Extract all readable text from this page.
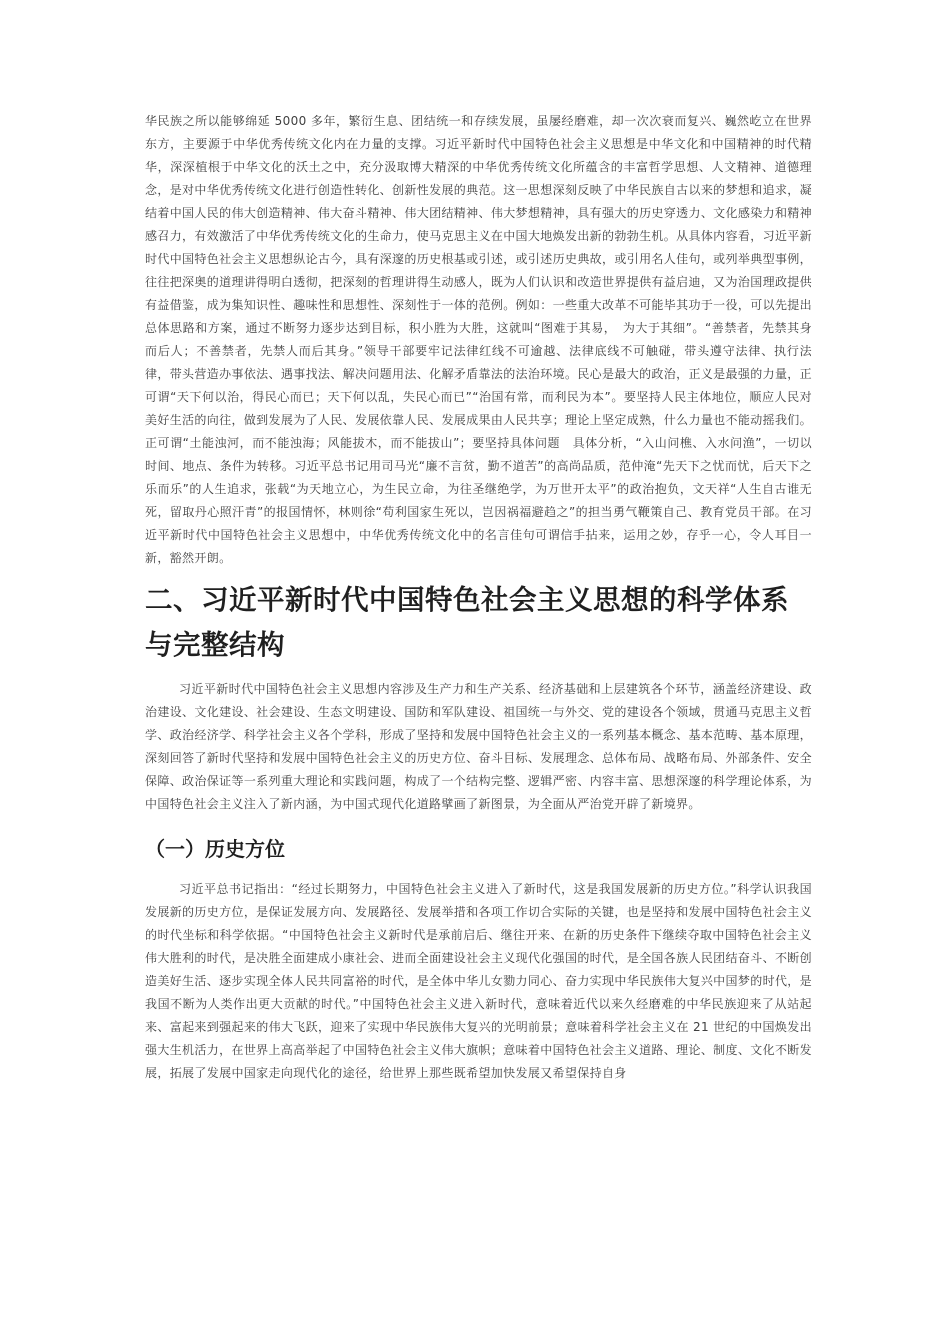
华民族之所以能够绵延 5000 多年，繁衍生息、团结统一和存续发展，虽屡经磨难，却一次次衰而复兴、巍然屹立在世界东方，主要源于中华优秀传统文化内在力量的支撑。习近平新时代中国特色社会主义思想是中华文化和中国精神的时代精华，深深植根于中华文化的沃土之中，充分汲取博大精深的中华优秀传统文化所蕴含的丰富哲学思想、人文精神、道德理念，是对中华优秀传统文化进行创造性转化、创新性发展的典范。这一思想深刻反映了中华民族自古以来的梦想和追求，凝结着中国人民的伟大创造精神、伟大奋斗精神、伟大团结精神、伟大梦想精神，具有强大的历史穿透力、文化感染力和精神感召力，有效激活了中华优秀传统文化的生命力，使马克思主义在中国大地焕发出新的勃勃生机。从具体内容看，习近平新时代中国特色社会主义思想纵论古今，具有深邃的历史根基或引述，或引述历史典故，或引用名人佳句，或列举典型事例，往往把深奥的道理讲得明白透彻，把深刻的哲理讲得生动感人，既为人们认识和改造世界提供有益启迪，又为治国理政提供有益借鉴，成为集知识性、趣味性和思想性、深刻性于一体的范例。例如：一些重大改革不可能毕其功于一役，可以先提出总体思路和方案，通过不断努力逐步达到目标，积小胜为大胜，这就叫“图难于其易，　为大于其细”。“善禁者，先禁其身而后人；不善禁者，先禁人而后其身。”领导干部要牢记法律红线不可逾越、法律底线不可触碰，带头遵守法律、执行法律，带头营造办事依法、遇事找法、解决问题用法、化解矛盾靠法的法治环境。民心是最大的政治，正义是最强的力量，正可谓“天下何以治，得民心而已；天下何以乱，失民心而已”“治国有常，而利民为本”。要坚持人民主体地位，顺应人民对美好生活的向往，做到发展为了人民、发展依靠人民、发展成果由人民共享；理论上坚定成熟，什么力量也不能动摇我们。正可谓“土能浊河，而不能浊海；风能拔木，而不能拔山”；要坚持具体问题　具体分析，“入山问樵、入水问渔”，一切以时间、地点、条件为转移。习近平总书记用司马光“廉不言贫，勤不道苦”的高尚品质，范仲淹“先天下之忧而忧，后天下之乐而乐”的人生追求，张载“为天地立心，为生民立命，为往圣继绝学，为万世开太平”的政治抱负，文天祥“人生自古谁无死，留取丹心照汗青”的报国情怀，林则徐“苟利国家生死以，岂因祸福避趋之”的担当勇气鞭策自己、教育党员干部。在习近平新时代中国特色社会主义思想中，中华优秀传统文化中的名言佳句可谓信手拈来，运用之妙，存乎一心，令人耳目一新，豁然开朗。

二、习近平新时代中国特色社会主义思想的科学体系与完整结构

习近平新时代中国特色社会主义思想内容涉及生产力和生产关系、经济基础和上层建筑各个环节，涵盖经济建设、政治建设、文化建设、社会建设、生态文明建设、国防和军队建设、祖国统一与外交、党的建设各个领域，贯通马克思主义哲学、政治经济学、科学社会主义各个学科，形成了坚持和发展中国特色社会主义的一系列基本概念、基本范畴、基本原理，深刻回答了新时代坚持和发展中国特色社会主义的历史方位、奋斗目标、发展理念、总体布局、战略布局、外部条件、安全保障、政治保证等一系列重大理论和实践问题，构成了一个结构完整、逻辑严密、内容丰富、思想深邃的科学理论体系，为中国特色社会主义注入了新内涵，为中国式现代化道路擘画了新图景，为全面从严治党开辟了新境界。

（一）历史方位

习近平总书记指出：“经过长期努力，中国特色社会主义进入了新时代，这是我国发展新的历史方位。”科学认识我国发展新的历史方位，是保证发展方向、发展路径、发展举措和各项工作切合实际的关键，也是坚持和发展中国特色社会主义的时代坐标和科学依据。“中国特色社会主义新时代是承前启后、继往开来、在新的历史条件下继续夺取中国特色社会主义伟大胜利的时代，是决胜全面建成小康社会、进而全面建设社会主义现代化强国的时代，是全国各族人民团结奋斗、不断创造美好生活、逐步实现全体人民共同富裕的时代，是全体中华儿女勠力同心、奋力实现中华民族伟大复兴中国梦的时代，是我国不断为人类作出更大贡献的时代。”中国特色社会主义进入新时代，意味着近代以来久经磨难的中华民族迎来了从站起来、富起来到强起来的伟大飞跃，迎来了实现中华民族伟大复兴的光明前景；意味着科学社会主义在 21 世纪的中国焕发出强大生机活力，在世界上高高举起了中国特色社会主义伟大旗帜；意味着中国特色社会主义道路、理论、制度、文化不断发展，拓展了发展中国家走向现代化的途径，给世界上那些既希望加快发展又希望保持自身
